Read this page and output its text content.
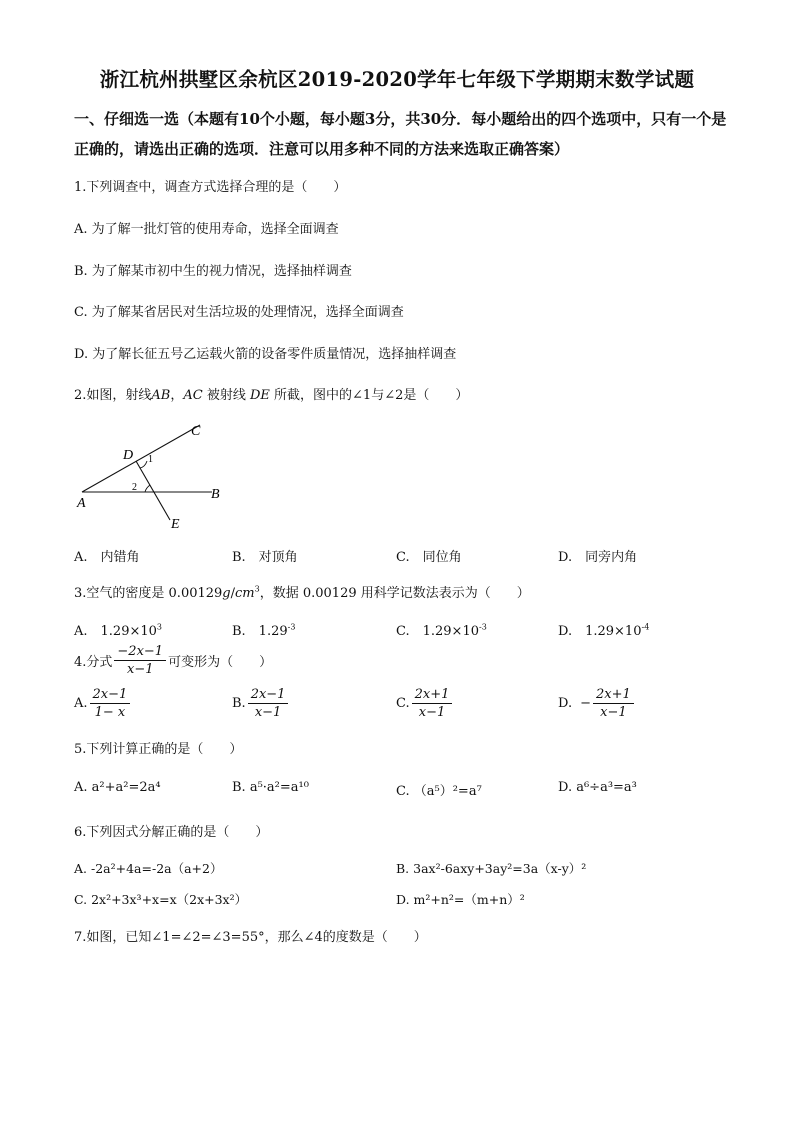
浙江杭州拱墅区余杭区2019-2020学年七年级下学期期末数学试题
一、仔细选一选（本题有10个小题，每小题3分，共30分．每小题给出的四个选项中，只有一个是正确的，请选出正确的选项．注意可以用多种不同的方法来选取正确答案）
1.下列调查中，调查方式选择合理的是（　　）
A. 为了解一批灯管的使用寿命，选择全面调查
B. 为了解某市初中生的视力情况，选择抽样调查
C. 为了解某省居民对生活垃圾的处理情况，选择全面调查
D. 为了解长征五号乙运载火箭的设备零件质量情况，选择抽样调查
2.如图，射线AB，AC 被射线 DE 所截，图中的∠1与∠2是（　　）
C
D 1
2
A
B
E
A.　内错角	B.　对顶角	C.　同位角	D.　同旁内角
3.空气的密度是 $0.00129g/cm^3$，数据 0.00129 用科学记数法表示为（　　）
A.　$1.29\times 10^3$	B.　$1.29^{-3}$	C.　$1.29\times 10^{-3}$	D.　$1.29\times 10^{-4}$
4.分式 $\frac{-2x-1}{x-1}$ 可变形为（　　）
A. $\frac{2x-1}{1- x}$	B. $\frac{2x-1}{x-1}$	C. $\frac{2x+1}{x-1}$	D. − $\frac{2x+1}{x-1}$
5.下列计算正确的是（　　）
A. a²+a²=2a⁴	B. a⁵·a²=a¹⁰	C. （a⁵）²=a⁷	D. a⁶÷a³=a³
6.下列因式分解正确的是（　　）
A. -2a²+4a=-2a（a+2）	B. 3ax²-6axy+3ay²=3a（x-y）²
C. 2x²+3x³+x=x（2x+3x²）	D. m²+n²=（m+n）²
7.如图，已知∠1=∠2=∠3=55°，那么∠4的度数是（　　）
